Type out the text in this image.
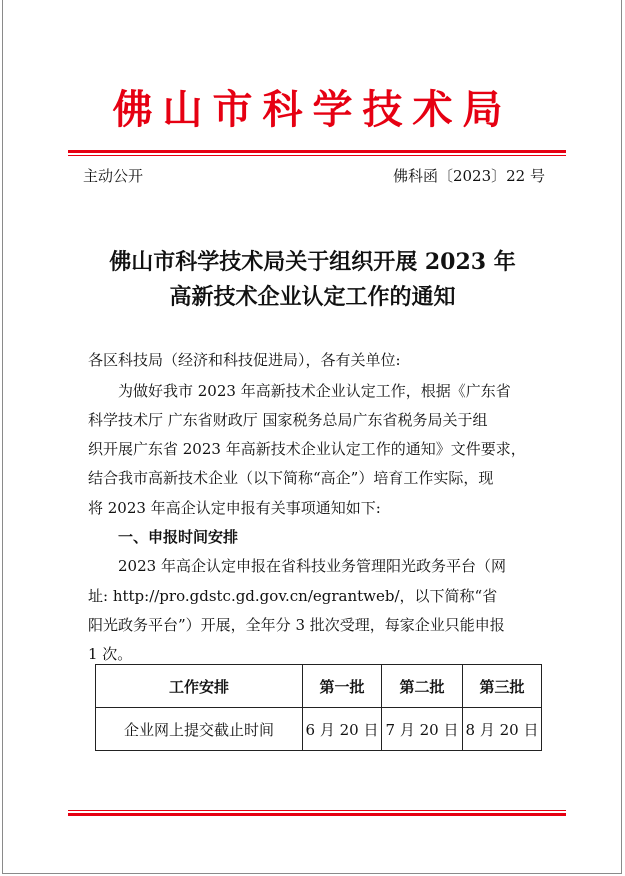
佛山市科学技术局
主动公开	佛科函〔2023〕22 号
佛山市科学技术局关于组织开展 2023 年
高新技术企业认定工作的通知
各区科技局（经济和科技促进局），各有关单位:
　　为做好我市 2023 年高新技术企业认定工作，根据《广东省
科学技术厅 广东省财政厅 国家税务总局广东省税务局关于组
织开展广东省 2023 年高新技术企业认定工作的通知》文件要求，
结合我市高新技术企业（以下简称“高企”）培育工作实际，现
将 2023 年高企认定申报有关事项通知如下:
　　一、申报时间安排
　　2023 年高企认定申报在省科技业务管理阳光政务平台（网
址: http://pro.gdstc.gd.gov.cn/egrantweb/，以下简称“省
阳光政务平台”）开展，全年分 3 批次受理，每家企业只能申报
1 次。
工作安排	第一批	第二批	第三批
企业网上提交截止时间	6 月 20 日	7 月 20 日	8 月 20 日
